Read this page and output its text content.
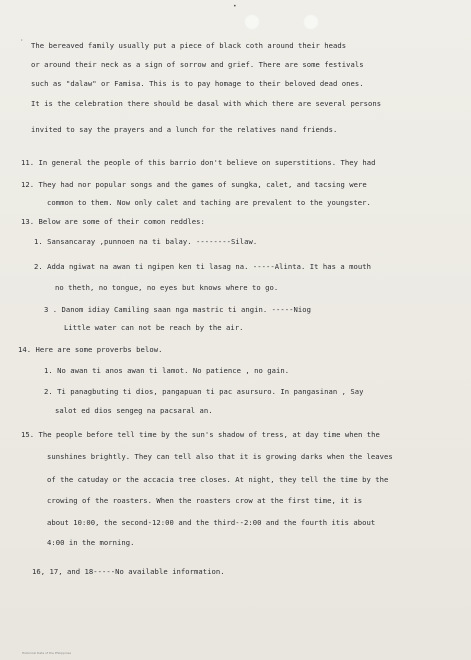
•
·
The bereaved family usually put a piece of black coth around their heads
or around their neck as a sign of sorrow and grief. There are some festivals
such as "dalaw" or Famisa. This is to pay homage to their beloved dead ones.
It is the celebration there should be dasal with which there are several persons
invited to say the prayers and a lunch for the relatives nand friends.
11. In general the people of this barrio don't believe on superstitions. They had
12. They had nor popular songs and the games of sungka, calet, and tacsing were
common to them. Now only calet and taching are prevalent to the youngster.
13. Below are some of their comon reddles:
1. Sansancaray ,punnoen na ti balay. --------Silaw.
2. Adda ngiwat na awan ti ngipen ken ti lasag na. -----Alinta. It has a mouth
no theth, no tongue, no eyes but knows where to go.
3 . Danom idiay Camiling saan nga mastric ti angin. -----Niog
Little water can not be reach by the air.
14. Here are some proverbs below.
1. No awan ti anos awan ti lamot. No patience , no gain.
2. Ti panagbuting ti dios, pangapuan ti pac asursuro. In pangasinan , Say
salot ed dios sengeg na pacsaral an.
15. The people before tell time by the sun's shadow of tress, at day time when the
sunshines brightly. They can tell also that it is growing darks when the leaves
of the catuday or the accacia tree closes. At night, they tell the time by the
crowing of the roasters. When the roasters crow at the first time, it is
about 10:00, the second-12:00 and the third--2:00 and the fourth itis about
4:00 in the morning.
16, 17, and 18-----No available information.
Historical Data of the Philippines
